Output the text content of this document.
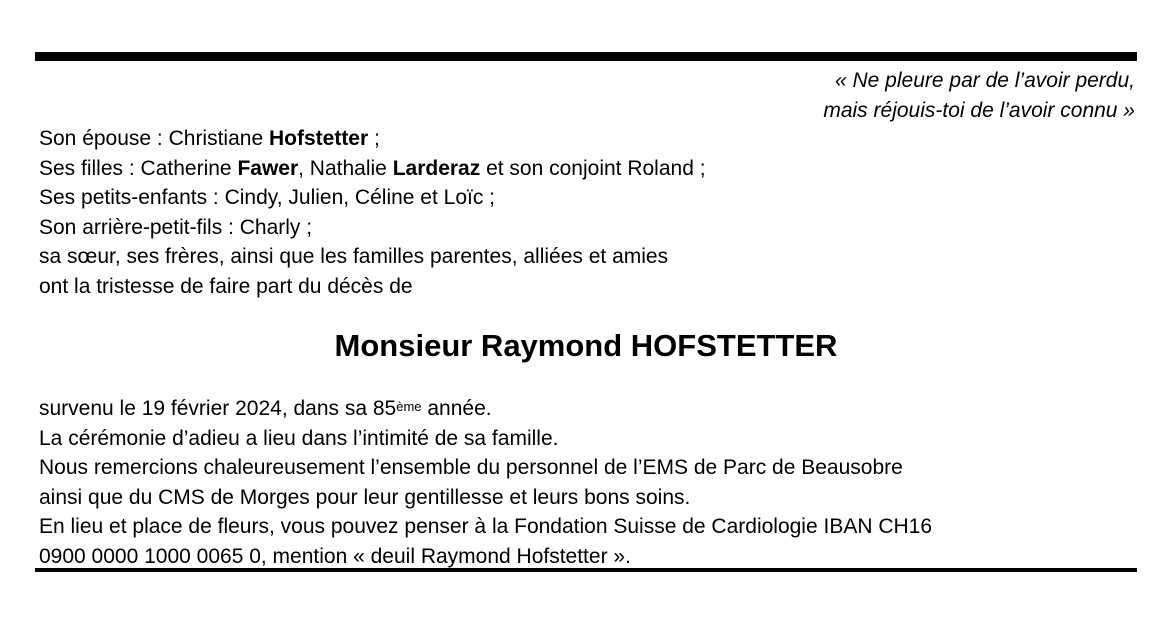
« Ne pleure par de l’avoir perdu,
mais réjouis-toi de l’avoir connu »
Son épouse : Christiane Hofstetter ;
Ses filles : Catherine Fawer, Nathalie Larderaz et son conjoint Roland ;
Ses petits-enfants : Cindy, Julien, Céline et Loïc ;
Son arrière-petit-fils : Charly ;
sa sœur, ses frères, ainsi que les familles parentes, alliées et amies
ont la tristesse de faire part du décès de
Monsieur Raymond HOFSTETTER
survenu le 19 février 2024, dans sa 85ème année.
La cérémonie d’adieu a lieu dans l’intimité de sa famille.
Nous remercions chaleureusement l’ensemble du personnel de l’EMS de Parc de Beausobre
ainsi que du CMS de Morges pour leur gentillesse et leurs bons soins.
En lieu et place de fleurs, vous pouvez penser à la Fondation Suisse de Cardiologie IBAN CH16
0900 0000 1000 0065 0, mention « deuil Raymond Hofstetter ».
